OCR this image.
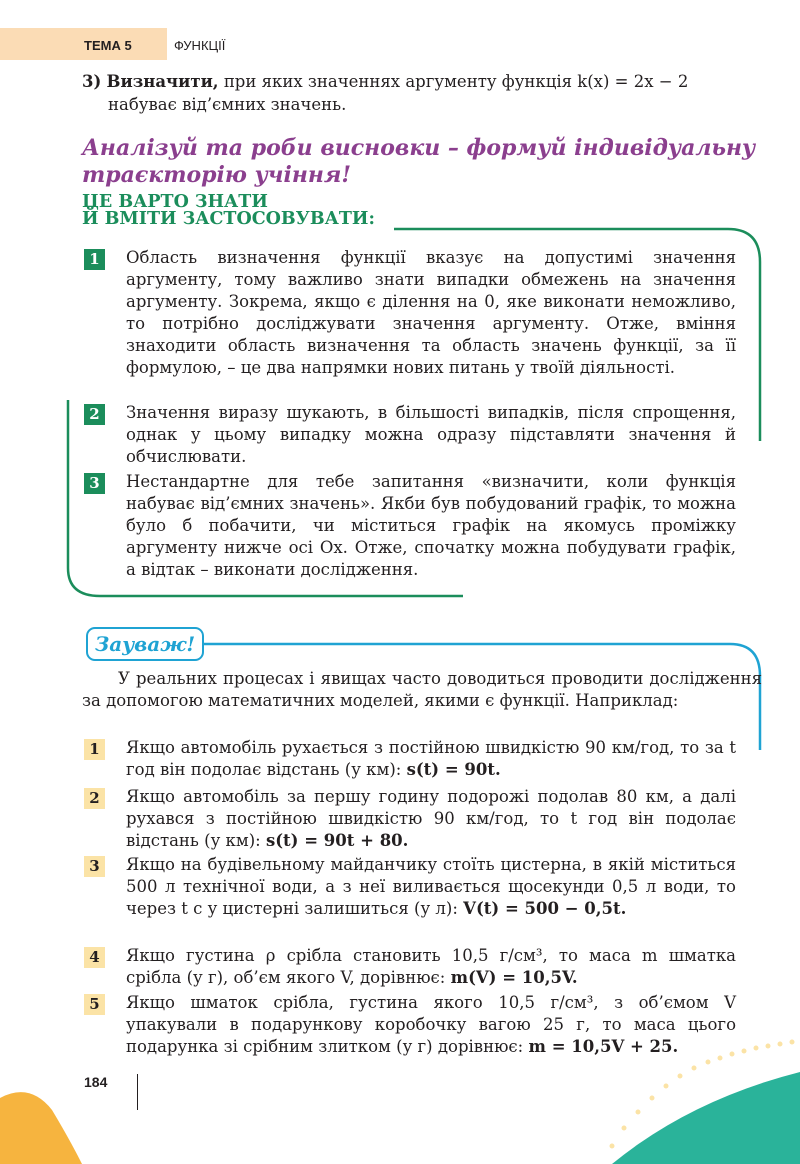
ТЕМА 5	ФУНКЦІЇ
3) Визначити, при яких значеннях аргументу функція k(x) = 2x − 2
набуває від’ємних значень.
Аналізуй та роби висновки – формуй індивідуальну траєкторію учіння!
ЦЕ ВАРТО ЗНАТИ
Й ВМІТИ ЗАСТОСОВУВАТИ:
1	Область визначення функції вказує на допустимі значення аргументу, тому важливо знати випадки обмежень на значення аргументу. Зокрема, якщо є ділення на 0, яке виконати неможливо, то потрібно досліджувати значення аргументу. Отже, вміння знаходити область визначення та область значень функції, за її формулою, – це два напрямки нових питань у твоїй діяльності.
2	Значення виразу шукають, в більшості випадків, після спрощення, однак у цьому випадку можна одразу підставляти значення й обчислювати.
3	Нестандартне для тебе запитання «визначити, коли функція набуває від’ємних значень». Якби був побудований графік, то можна було б побачити, чи міститься графік на якомусь проміжку аргументу нижче осі Ox. Отже, спочатку можна побудувати графік, а відтак – виконати дослідження.
Зауваж!
У реальних процесах і явищах часто доводиться проводити дослідження за допомогою математичних моделей, якими є функції. Наприклад:
1	Якщо автомобіль рухається з постійною швидкістю 90 км/год, то за t год він подолає відстань (у км): s(t) = 90t.
2	Якщо автомобіль за першу годину подорожі подолав 80 км, а далі рухався з постійною швидкістю 90 км/год, то t год він подолає відстань (у км): s(t) = 90t + 80.
3	Якщо на будівельному майданчику стоїть цистерна, в якій міститься 500 л технічної води, а з неї виливається щосекунди 0,5 л води, то через t с у цистерні залишиться (у л): V(t) = 500 − 0,5t.
4	Якщо густина ρ срібла становить 10,5 г/см³, то маса m шматка срібла (у г), об’єм якого V, дорівнює: m(V) = 10,5V.
5	Якщо шматок срібла, густина якого 10,5 г/см³, з об’ємом V упакували в подарункову коробочку вагою 25 г, то маса цього подарунка зі срібним злитком (у г) дорівнює: m = 10,5V + 25.
184
